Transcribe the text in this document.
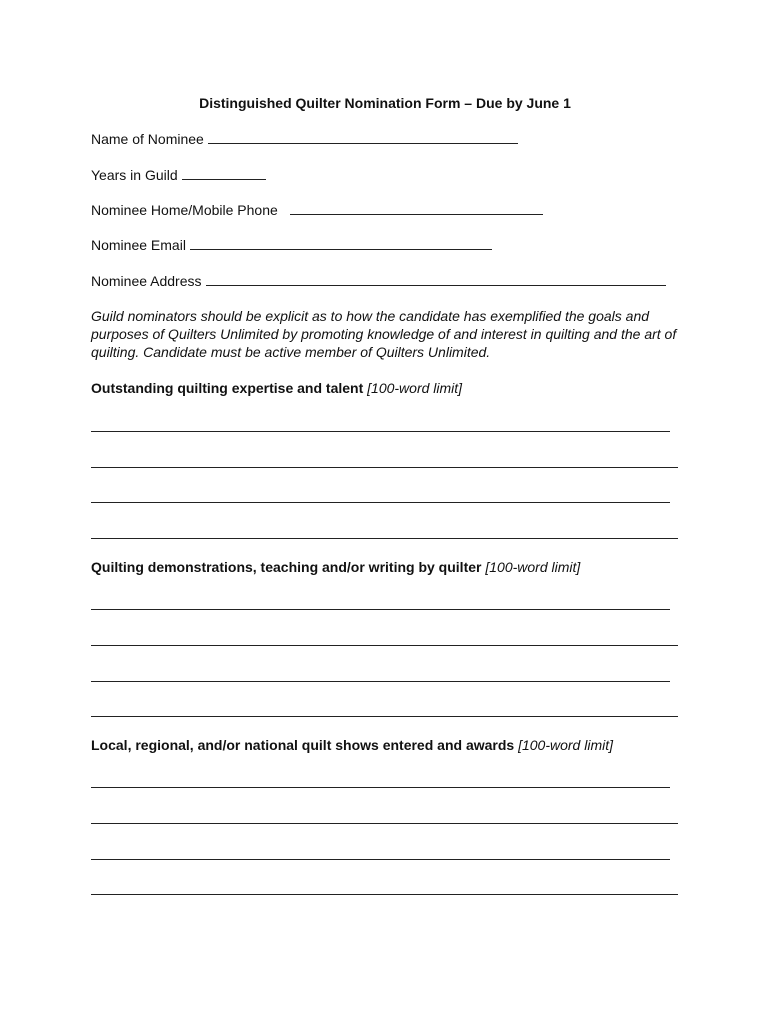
Distinguished Quilter Nomination Form – Due by June 1
Name of Nominee
Years in Guild
Nominee Home/Mobile Phone
Nominee Email
Nominee Address
Guild nominators should be explicit as to how the candidate has exemplified the goals and purposes of Quilters Unlimited by promoting knowledge of and interest in quilting and the art of quilting. Candidate must be active member of Quilters Unlimited.
Outstanding quilting expertise and talent [100-word limit]
Quilting demonstrations, teaching and/or writing by quilter [100-word limit]
Local, regional, and/or national quilt shows entered and awards [100-word limit]
